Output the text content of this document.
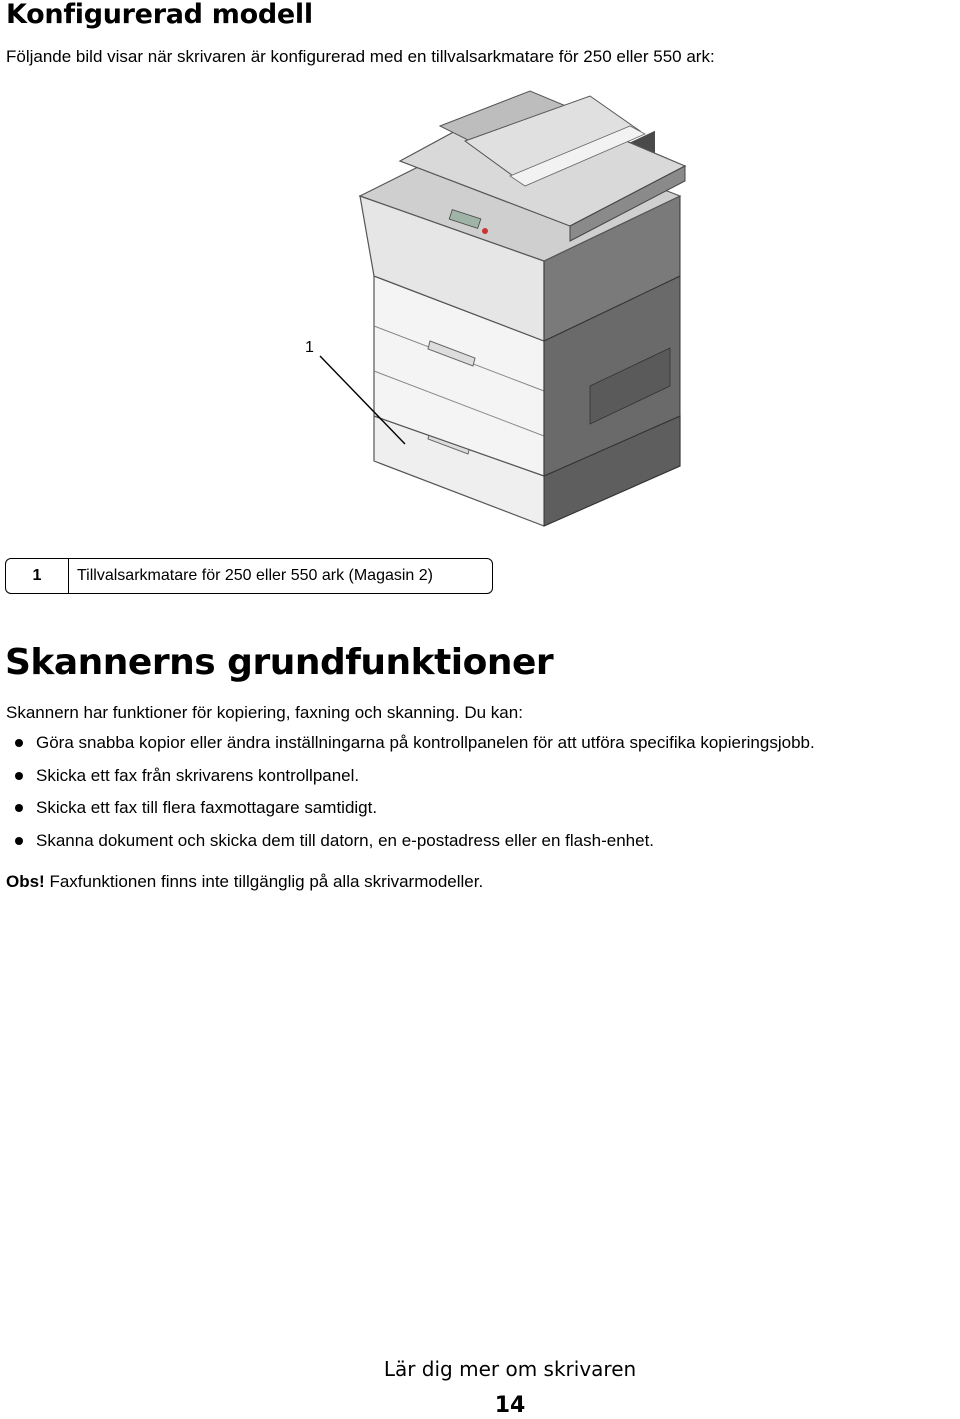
Konfigurerad modell
Följande bild visar när skrivaren är konfigurerad med en tillvalsarkmatare för 250 eller 550 ark:
1
1	Tillvalsarkmatare för 250 eller 550 ark (Magasin 2)
Skannerns grundfunktioner
Skannern har funktioner för kopiering, faxning och skanning. Du kan:
Göra snabba kopior eller ändra inställningarna på kontrollpanelen för att utföra specifika kopieringsjobb.
Skicka ett fax från skrivarens kontrollpanel.
Skicka ett fax till flera faxmottagare samtidigt.
Skanna dokument och skicka dem till datorn, en e-postadress eller en flash-enhet.
Obs! Faxfunktionen finns inte tillgänglig på alla skrivarmodeller.
Lär dig mer om skrivaren
14
